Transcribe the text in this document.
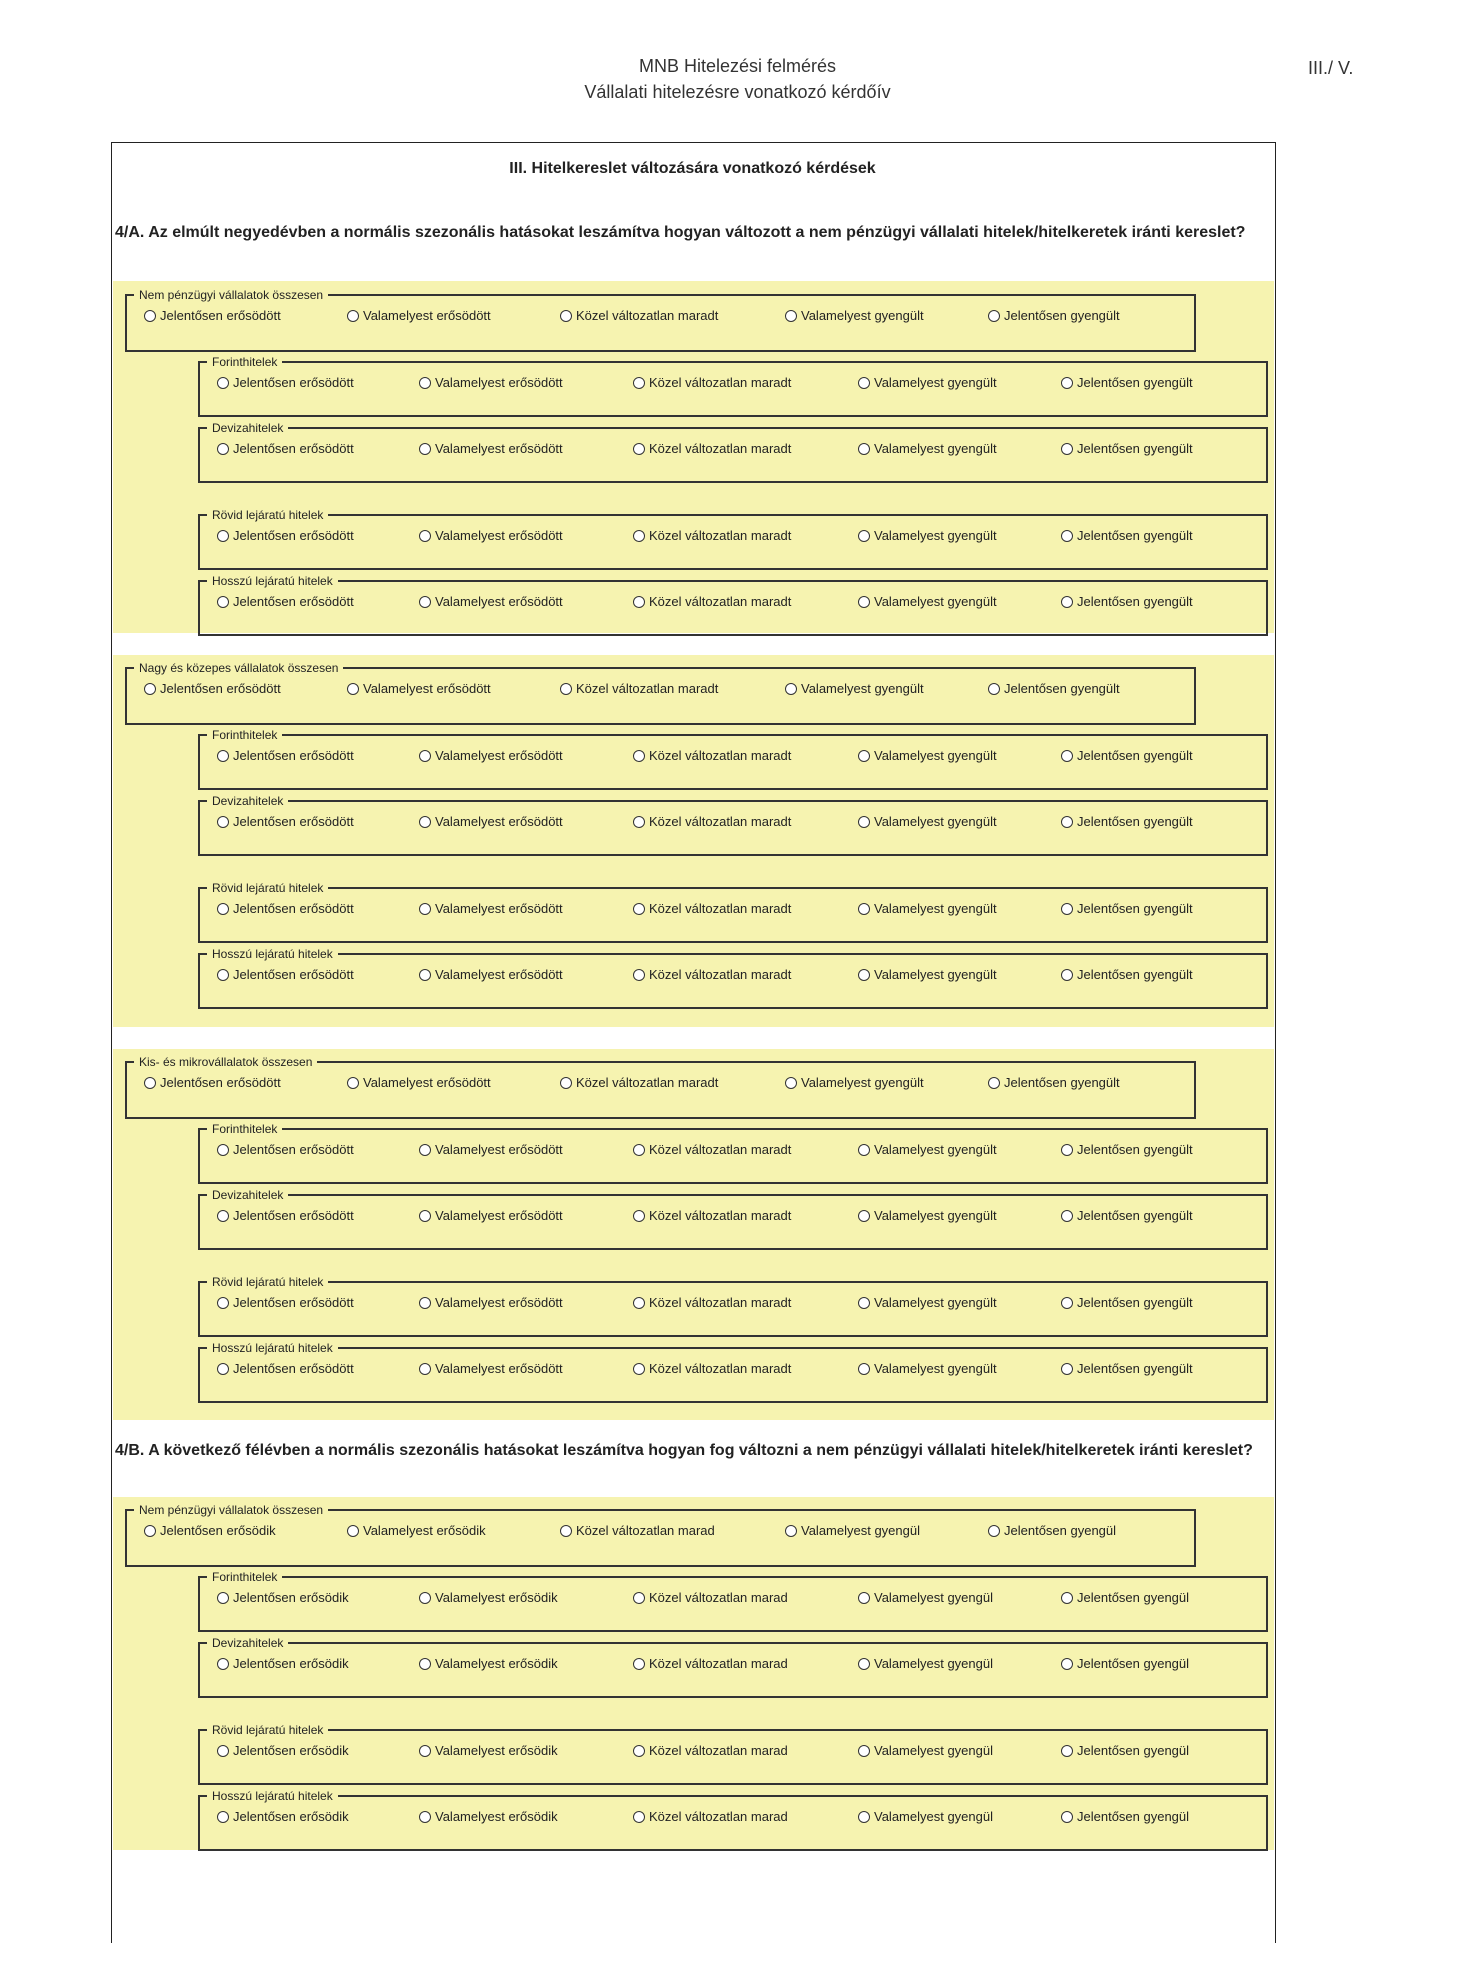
MNB Hitelezési felmérés
Vállalati hitelezésre vonatkozó kérdőív
III./ V.
III. Hitelkereslet változására vonatkozó kérdések
4/A. Az elmúlt negyedévben a normális szezonális hatásokat leszámítva hogyan változott a nem pénzügyi vállalati hitelek/hitelkeretek iránti kereslet?
Nem pénzügyi vállalatok összesen
Jelentősen erősödött	Valamelyest erősödött	Közel változatlan maradt	Valamelyest gyengült	Jelentősen gyengült
Forinthitelek
Jelentősen erősödött	Valamelyest erősödött	Közel változatlan maradt	Valamelyest gyengült	Jelentősen gyengült
Devizahitelek
Jelentősen erősödött	Valamelyest erősödött	Közel változatlan maradt	Valamelyest gyengült	Jelentősen gyengült
Rövid lejáratú hitelek
Jelentősen erősödött	Valamelyest erősödött	Közel változatlan maradt	Valamelyest gyengült	Jelentősen gyengült
Hosszú lejáratú hitelek
Jelentősen erősödött	Valamelyest erősödött	Közel változatlan maradt	Valamelyest gyengült	Jelentősen gyengült
Nagy és közepes vállalatok összesen
Jelentősen erősödött	Valamelyest erősödött	Közel változatlan maradt	Valamelyest gyengült	Jelentősen gyengült
Forinthitelek
Jelentősen erősödött	Valamelyest erősödött	Közel változatlan maradt	Valamelyest gyengült	Jelentősen gyengült
Devizahitelek
Jelentősen erősödött	Valamelyest erősödött	Közel változatlan maradt	Valamelyest gyengült	Jelentősen gyengült
Rövid lejáratú hitelek
Jelentősen erősödött	Valamelyest erősödött	Közel változatlan maradt	Valamelyest gyengült	Jelentősen gyengült
Hosszú lejáratú hitelek
Jelentősen erősödött	Valamelyest erősödött	Közel változatlan maradt	Valamelyest gyengült	Jelentősen gyengült
Kis- és mikrovállalatok összesen
Jelentősen erősödött	Valamelyest erősödött	Közel változatlan maradt	Valamelyest gyengült	Jelentősen gyengült
Forinthitelek
Jelentősen erősödött	Valamelyest erősödött	Közel változatlan maradt	Valamelyest gyengült	Jelentősen gyengült
Devizahitelek
Jelentősen erősödött	Valamelyest erősödött	Közel változatlan maradt	Valamelyest gyengült	Jelentősen gyengült
Rövid lejáratú hitelek
Jelentősen erősödött	Valamelyest erősödött	Közel változatlan maradt	Valamelyest gyengült	Jelentősen gyengült
Hosszú lejáratú hitelek
Jelentősen erősödött	Valamelyest erősödött	Közel változatlan maradt	Valamelyest gyengült	Jelentősen gyengült
4/B. A következő félévben a normális szezonális hatásokat leszámítva hogyan fog változni a nem pénzügyi vállalati hitelek/hitelkeretek iránti kereslet?
Nem pénzügyi vállalatok összesen
Jelentősen erősödik	Valamelyest erősödik	Közel változatlan marad	Valamelyest gyengül	Jelentősen gyengül
Forinthitelek
Jelentősen erősödik	Valamelyest erősödik	Közel változatlan marad	Valamelyest gyengül	Jelentősen gyengül
Devizahitelek
Jelentősen erősödik	Valamelyest erősödik	Közel változatlan marad	Valamelyest gyengül	Jelentősen gyengül
Rövid lejáratú hitelek
Jelentősen erősödik	Valamelyest erősödik	Közel változatlan marad	Valamelyest gyengül	Jelentősen gyengül
Hosszú lejáratú hitelek
Jelentősen erősödik	Valamelyest erősödik	Közel változatlan marad	Valamelyest gyengül	Jelentősen gyengül
